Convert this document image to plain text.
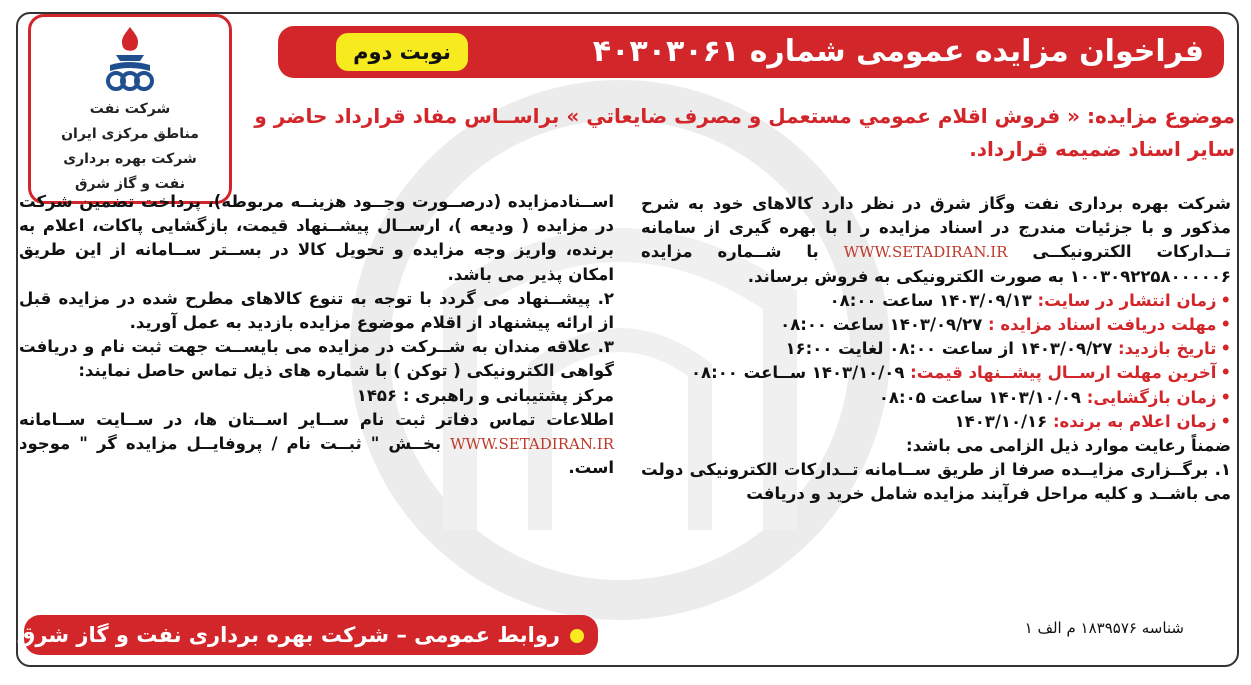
شرکت نفت
مناطق مرکزی ایران
شرکت بهره برداری
نفت و گاز شرق
فراخوان مزایده عمومی شماره ۴۰۳۰۳۰۶۱
نوبت دوم
موضوع مزایده: « فروش اقلام عمومي مستعمل و مصرف ضايعاتي » براســاس مفاد قرارداد حاضر و سایر اسناد ضمیمه قرارداد.

شرکت بهره برداری نفت وگاز شرق در نظر دارد کالاهای خود به شرح مذکور و با جزئیات مندرج در اسناد مزایده ر ا با بهره گیری از سامانه تــدارکات الکترونیکــی WWW.SETADIRAN.IR با شــماره مزایده ۱۰۰۳۰۹۲۲۵۸۰۰۰۰۰۶ به صورت الکترونیکی به فروش برساند.

• زمان انتشار در سایت: ۱۴۰۳/۰۹/۱۳ ساعت ۰۸:۰۰

• مهلت دریافت اسناد مزایده : ۱۴۰۳/۰۹/۲۷ ساعت ۰۸:۰۰

• تاریخ بازدید: ۱۴۰۳/۰۹/۲۷ از ساعت ۰۸:۰۰ لغایت ۱۶:۰۰

• آخرین مهلت ارســال پیشــنهاد قیمت: ۱۴۰۳/۱۰/۰۹ ســاعت ۰۸:۰۰

• زمان بازگشایی: ۱۴۰۳/۱۰/۰۹ ساعت ۰۸:۰۵

• زمان اعلام به برنده: ۱۴۰۳/۱۰/۱۶

ضمناً رعایت موارد ذیل الزامی می باشد:

۱. برگــزاری مزایــده صرفا از طریق ســامانه تــدارکات الکترونیکی دولت می باشــد و کلیه مراحل فرآیند مزایده شامل خرید و دریافت

اســنادمزایده (درصــورت وجــود هزینــه مربوطه)، پرداخت تضمین شرکت در مزایده ( ودیعه )، ارســال پیشــنهاد قیمت، بازگشایی پاکات، اعلام به برنده، واریز وجه مزایده و تحویل کالا در بســتر ســامانه از این طریق امکان پذیر می باشد.

۲. پیشــنهاد می گردد با توجه به تنوع کالاهای مطرح شده در مزایده قبل از ارائه پیشنهاد از اقلام موضوع مزایده بازدید به عمل آورید.

۳. علاقه مندان به شــرکت در مزایده می بایســت جهت ثبت نام و دریافت گواهی الکترونیکی ( توکن ) با شماره های ذیل تماس حاصل نمایند:

مرکز پشتیبانی و راهبری : ۱۴۵۶

اطلاعات تماس دفاتر ثبت نام ســایر اســتان ها، در ســایت ســامانه WWW.SETADIRAN.IR بخــش " ثبــت نام / پروفایــل مزایده گر " موجود است.

روابط عمومی – شرکت بهره برداری نفت و گاز شرق	شناسه ۱۸۳۹۵۷۶ م الف ۱
